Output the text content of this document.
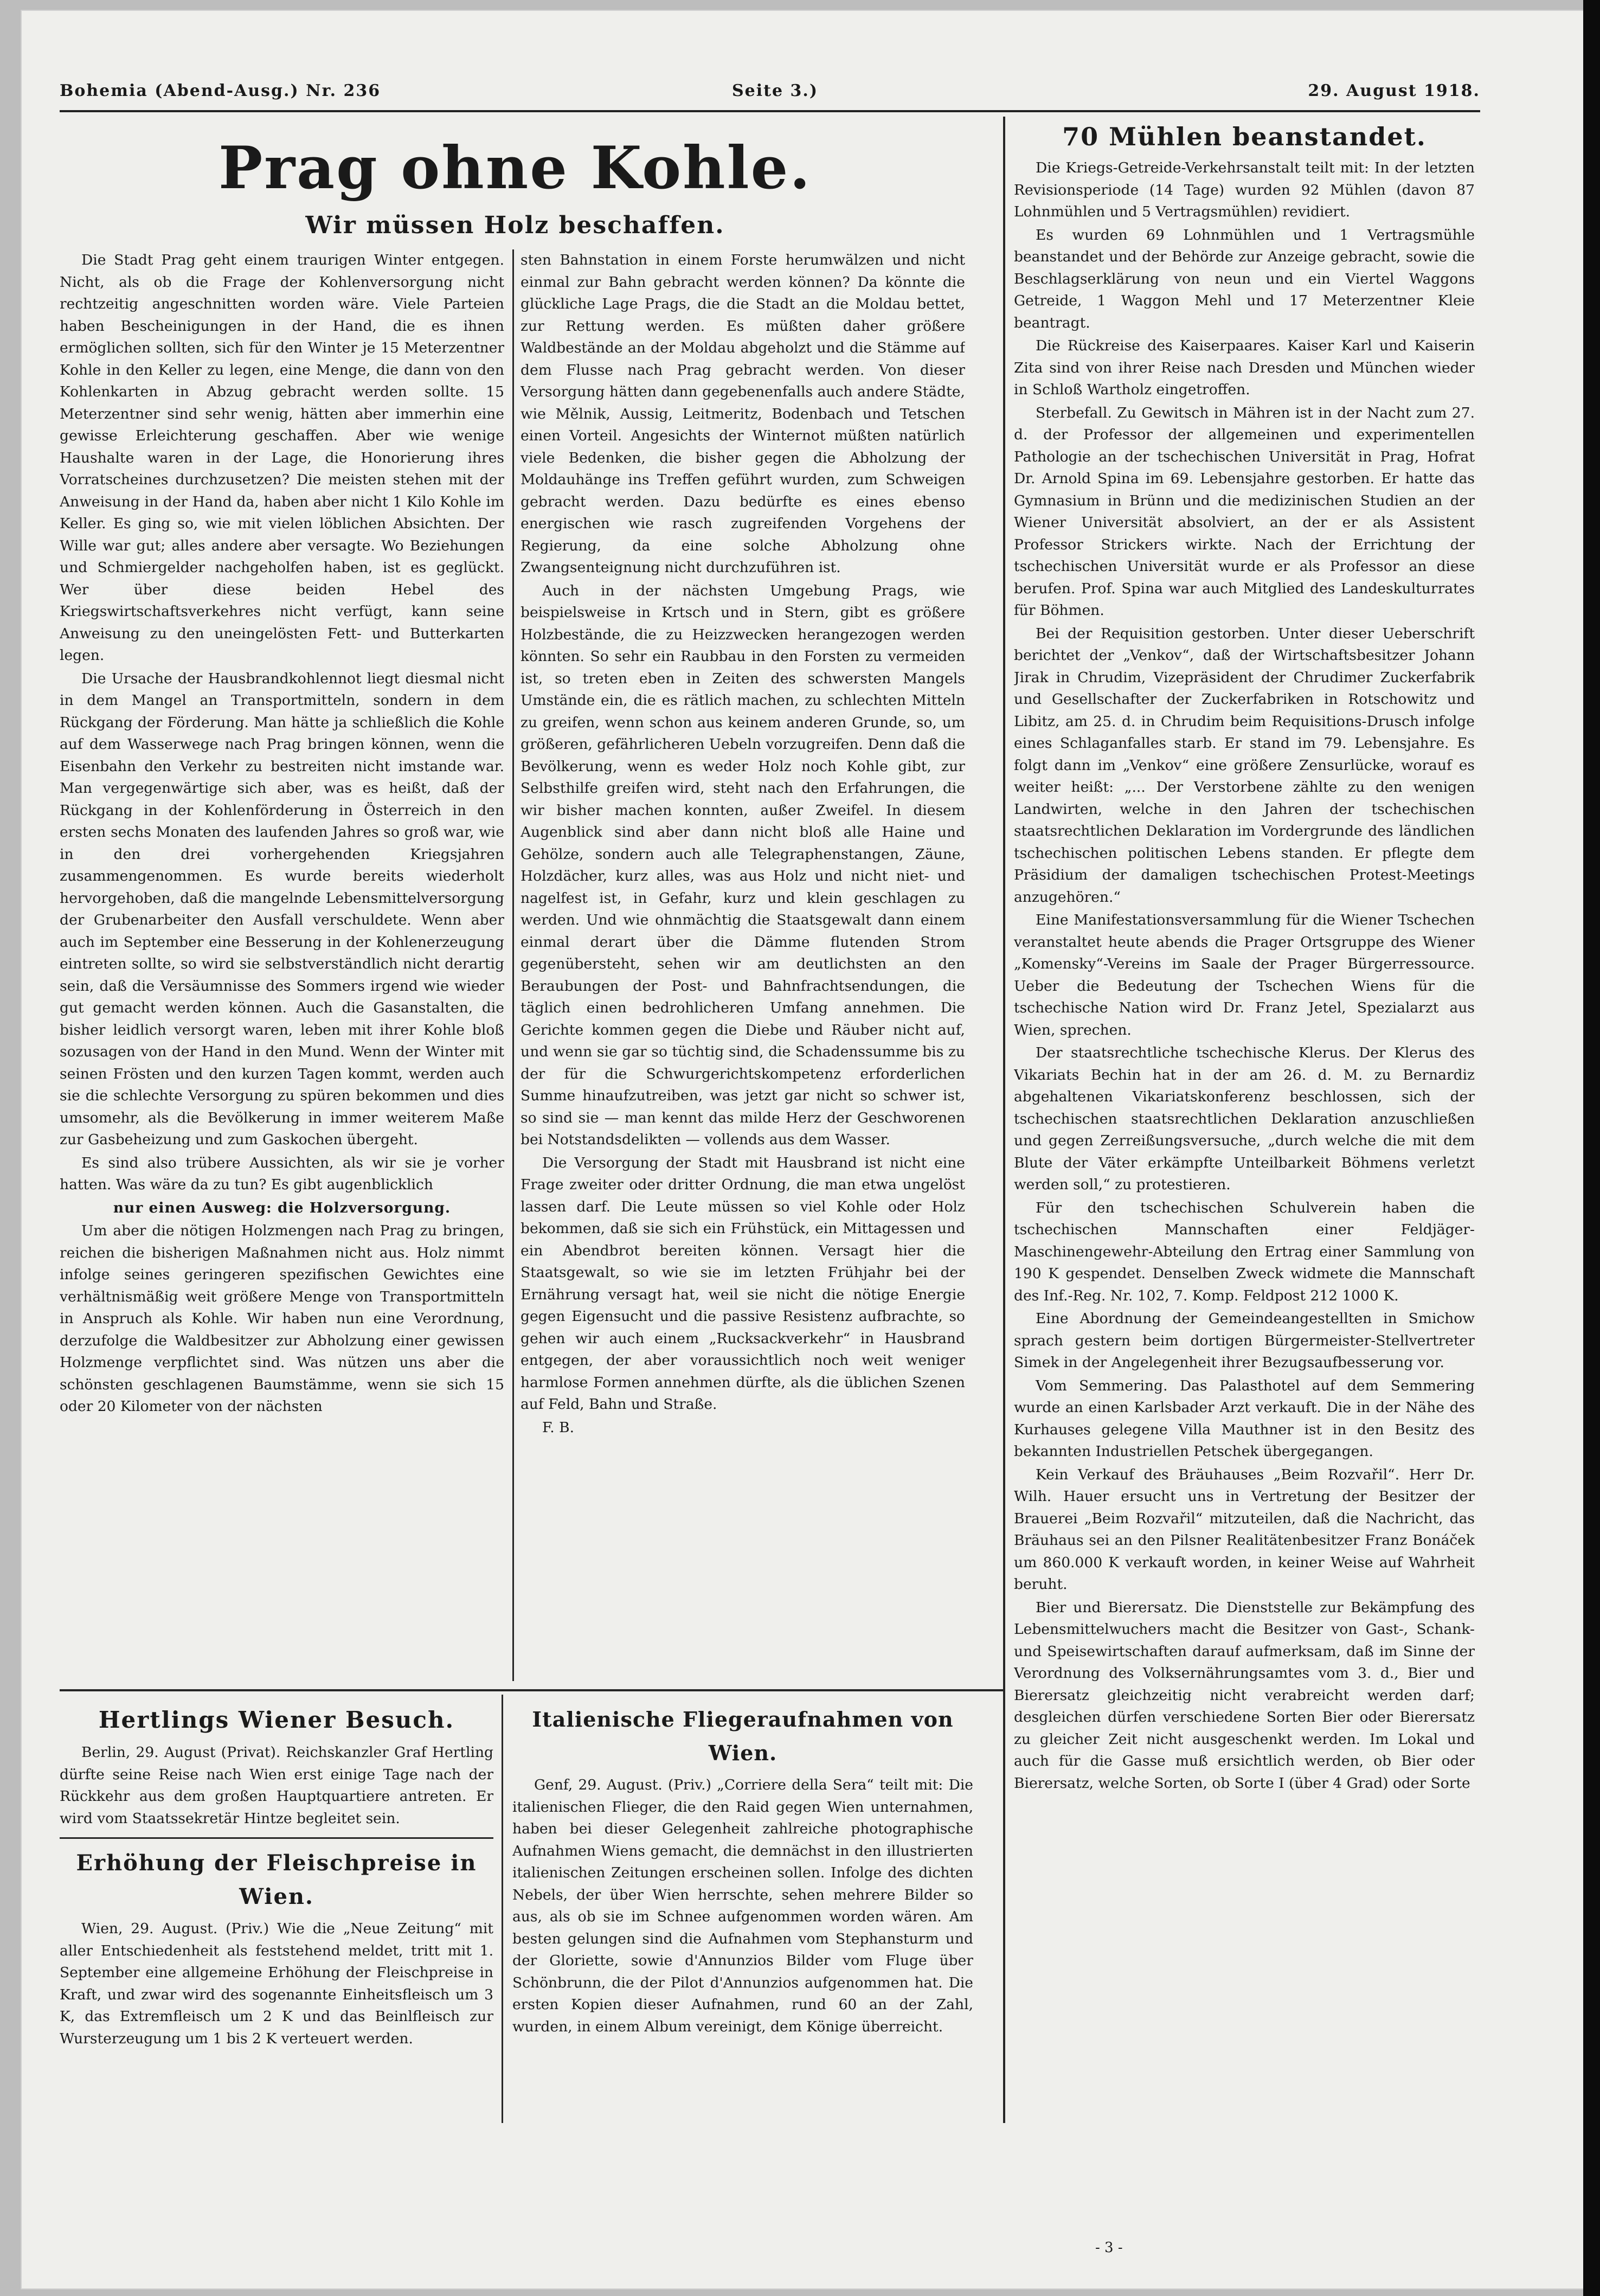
Bohemia (Abend-Ausg.) Nr. 236	Seite 3.)	29. August 1918.
Prag ohne Kohle.
Wir müssen Holz beschaffen.

Die Stadt Prag geht einem traurigen Winter entgegen. Nicht, als ob die Frage der Kohlenversorgung nicht rechtzeitig angeschnitten worden wäre. Viele Parteien haben Bescheinigungen in der Hand, die es ihnen ermöglichen sollten, sich für den Winter je 15 Meterzentner Kohle in den Keller zu legen, eine Menge, die dann von den Kohlenkarten in Abzug gebracht werden sollte. 15 Meterzentner sind sehr wenig, hätten aber immerhin eine gewisse Erleichterung geschaffen. Aber wie wenige Haushalte waren in der Lage, die Honorierung ihres Vorratscheines durchzusetzen? Die meisten stehen mit der Anweisung in der Hand da, haben aber nicht 1 Kilo Kohle im Keller. Es ging so, wie mit vielen löblichen Absichten. Der Wille war gut; alles andere aber versagte. Wo Beziehungen und Schmiergelder nachgeholfen haben, ist es geglückt. Wer über diese beiden Hebel des Kriegswirtschaftsverkehres nicht verfügt, kann seine Anweisung zu den uneingelösten Fett- und Butterkarten legen.

Die Ursache der Hausbrandkohlennot liegt diesmal nicht in dem Mangel an Transportmitteln, sondern in dem Rückgang der Förderung. Man hätte ja schließlich die Kohle auf dem Wasserwege nach Prag bringen können, wenn die Eisenbahn den Verkehr zu bestreiten nicht imstande war. Man vergegenwärtige sich aber, was es heißt, daß der Rückgang in der Kohlenförderung in Österreich in den ersten sechs Monaten des laufenden Jahres so groß war, wie in den drei vorhergehenden Kriegsjahren zusammengenommen. Es wurde bereits wiederholt hervorgehoben, daß die mangelnde Lebensmittelversorgung der Grubenarbeiter den Ausfall verschuldete. Wenn aber auch im September eine Besserung in der Kohlenerzeugung eintreten sollte, so wird sie selbstverständlich nicht derartig sein, daß die Versäumnisse des Sommers irgend wie wieder gut gemacht werden können. Auch die Gasanstalten, die bisher leidlich versorgt waren, leben mit ihrer Kohle bloß sozusagen von der Hand in den Mund. Wenn der Winter mit seinen Frösten und den kurzen Tagen kommt, werden auch sie die schlechte Versorgung zu spüren bekommen und dies umsomehr, als die Bevölkerung in immer weiterem Maße zur Gasbeheizung und zum Gaskochen übergeht.

Es sind also trübere Aussichten, als wir sie je vorher hatten. Was wäre da zu tun? Es gibt augenblicklich

nur einen Ausweg: die Holzversorgung.

Um aber die nötigen Holzmengen nach Prag zu bringen, reichen die bisherigen Maßnahmen nicht aus. Holz nimmt infolge seines geringeren spezifischen Gewichtes eine verhältnismäßig weit größere Menge von Transportmitteln in Anspruch als Kohle. Wir haben nun eine Verordnung, derzufolge die Waldbesitzer zur Abholzung einer gewissen Holzmenge verpflichtet sind. Was nützen uns aber die schönsten geschlagenen Baumstämme, wenn sie sich 15 oder 20 Kilometer von der nächsten

sten Bahnstation in einem Forste herumwälzen und nicht einmal zur Bahn gebracht werden können? Da könnte die glückliche Lage Prags, die die Stadt an die Moldau bettet, zur Rettung werden. Es müßten daher größere Waldbestände an der Moldau abgeholzt und die Stämme auf dem Flusse nach Prag gebracht werden. Von dieser Versorgung hätten dann gegebenenfalls auch andere Städte, wie Mělnik, Aussig, Leitmeritz, Bodenbach und Tetschen einen Vorteil. Angesichts der Winternot müßten natürlich viele Bedenken, die bisher gegen die Abholzung der Moldauhänge ins Treffen geführt wurden, zum Schweigen gebracht werden. Dazu bedürfte es eines ebenso energischen wie rasch zugreifenden Vorgehens der Regierung, da eine solche Abholzung ohne Zwangsenteignung nicht durchzuführen ist.

Auch in der nächsten Umgebung Prags, wie beispielsweise in Krtsch und in Stern, gibt es größere Holzbestände, die zu Heizzwecken herangezogen werden könnten. So sehr ein Raubbau in den Forsten zu vermeiden ist, so treten eben in Zeiten des schwersten Mangels Umstände ein, die es rätlich machen, zu schlechten Mitteln zu greifen, wenn schon aus keinem anderen Grunde, so, um größeren, gefährlicheren Uebeln vorzugreifen. Denn daß die Bevölkerung, wenn es weder Holz noch Kohle gibt, zur Selbsthilfe greifen wird, steht nach den Erfahrungen, die wir bisher machen konnten, außer Zweifel. In diesem Augenblick sind aber dann nicht bloß alle Haine und Gehölze, sondern auch alle Telegraphenstangen, Zäune, Holzdächer, kurz alles, was aus Holz und nicht niet- und nagelfest ist, in Gefahr, kurz und klein geschlagen zu werden. Und wie ohnmächtig die Staatsgewalt dann einem einmal derart über die Dämme flutenden Strom gegenübersteht, sehen wir am deutlichsten an den Beraubungen der Post- und Bahnfrachtsendungen, die täglich einen bedrohlicheren Umfang annehmen. Die Gerichte kommen gegen die Diebe und Räuber nicht auf, und wenn sie gar so tüchtig sind, die Schadenssumme bis zu der für die Schwurgerichtskompetenz erforderlichen Summe hinaufzutreiben, was jetzt gar nicht so schwer ist, so sind sie — man kennt das milde Herz der Geschworenen bei Notstandsdelikten — vollends aus dem Wasser.

Die Versorgung der Stadt mit Hausbrand ist nicht eine Frage zweiter oder dritter Ordnung, die man etwa ungelöst lassen darf. Die Leute müssen so viel Kohle oder Holz bekommen, daß sie sich ein Frühstück, ein Mittagessen und ein Abendbrot bereiten können. Versagt hier die Staatsgewalt, so wie sie im letzten Frühjahr bei der Ernährung versagt hat, weil sie nicht die nötige Energie gegen Eigensucht und die passive Resistenz aufbrachte, so gehen wir auch einem „Rucksackverkehr“ in Hausbrand entgegen, der aber voraussichtlich noch weit weniger harmlose Formen annehmen dürfte, als die üblichen Szenen auf Feld, Bahn und Straße.

F. B.

70 Mühlen beanstandet.

Die Kriegs-Getreide-Verkehrsanstalt teilt mit: In der letzten Revisionsperiode (14 Tage) wurden 92 Mühlen (davon 87 Lohnmühlen und 5 Vertragsmühlen) revidiert.

Es wurden 69 Lohnmühlen und 1 Vertragsmühle beanstandet und der Behörde zur Anzeige gebracht, sowie die Beschlagserklärung von neun und ein Viertel Waggons Getreide, 1 Waggon Mehl und 17 Meterzentner Kleie beantragt.

Die Rückreise des Kaiserpaares. Kaiser Karl und Kaiserin Zita sind von ihrer Reise nach Dresden und München wieder in Schloß Wartholz eingetroffen.

Sterbefall. Zu Gewitsch in Mähren ist in der Nacht zum 27. d. der Professor der allgemeinen und experimentellen Pathologie an der tschechischen Universität in Prag, Hofrat Dr. Arnold Spina im 69. Lebensjahre gestorben. Er hatte das Gymnasium in Brünn und die medizinischen Studien an der Wiener Universität absolviert, an der er als Assistent Professor Strickers wirkte. Nach der Errichtung der tschechischen Universität wurde er als Professor an diese berufen. Prof. Spina war auch Mitglied des Landeskulturrates für Böhmen.

Bei der Requisition gestorben. Unter dieser Ueberschrift berichtet der „Venkov“, daß der Wirtschaftsbesitzer Johann Jirak in Chrudim, Vizepräsident der Chrudimer Zuckerfabrik und Gesellschafter der Zuckerfabriken in Rotschowitz und Libitz, am 25. d. in Chrudim beim Requisitions-Drusch infolge eines Schlaganfalles starb. Er stand im 79. Lebensjahre. Es folgt dann im „Venkov“ eine größere Zensurlücke, worauf es weiter heißt: „... Der Verstorbene zählte zu den wenigen Landwirten, welche in den Jahren der tschechischen staatsrechtlichen Deklaration im Vordergrunde des ländlichen tschechischen politischen Lebens standen. Er pflegte dem Präsidium der damaligen tschechischen Protest-Meetings anzugehören.“

Eine Manifestationsversammlung für die Wiener Tschechen veranstaltet heute abends die Prager Ortsgruppe des Wiener „Komensky“-Vereins im Saale der Prager Bürgerressource. Ueber die Bedeutung der Tschechen Wiens für die tschechische Nation wird Dr. Franz Jetel, Spezialarzt aus Wien, sprechen.

Der staatsrechtliche tschechische Klerus. Der Klerus des Vikariats Bechin hat in der am 26. d. M. zu Bernardiz abgehaltenen Vikariatskonferenz beschlossen, sich der tschechischen staatsrechtlichen Deklaration anzuschließen und gegen Zerreißungsversuche, „durch welche die mit dem Blute der Väter erkämpfte Unteilbarkeit Böhmens verletzt werden soll,“ zu protestieren.

Für den tschechischen Schulverein haben die tschechischen Mannschaften einer Feldjäger-Maschinengewehr-Abteilung den Ertrag einer Sammlung von 190 K gespendet. Denselben Zweck widmete die Mannschaft des Inf.-Reg. Nr. 102, 7. Komp. Feldpost 212 1000 K.

Eine Abordnung der Gemeindeangestellten in Smichow sprach gestern beim dortigen Bürgermeister-Stellvertreter Simek in der Angelegenheit ihrer Bezugsaufbesserung vor.

Vom Semmering. Das Palasthotel auf dem Semmering wurde an einen Karlsbader Arzt verkauft. Die in der Nähe des Kurhauses gelegene Villa Mauthner ist in den Besitz des bekannten Industriellen Petschek übergegangen.

Kein Verkauf des Bräuhauses „Beim Rozvařil“. Herr Dr. Wilh. Hauer ersucht uns in Vertretung der Besitzer der Brauerei „Beim Rozvařil“ mitzuteilen, daß die Nachricht, das Bräuhaus sei an den Pilsner Realitätenbesitzer Franz Bonáček um 860.000 K verkauft worden, in keiner Weise auf Wahrheit beruht.

Bier und Bierersatz. Die Dienststelle zur Bekämpfung des Lebensmittelwuchers macht die Besitzer von Gast-, Schank- und Speisewirtschaften darauf aufmerksam, daß im Sinne der Verordnung des Volksernährungsamtes vom 3. d., Bier und Bierersatz gleichzeitig nicht verabreicht werden darf; desgleichen dürfen verschiedene Sorten Bier oder Bierersatz zu gleicher Zeit nicht ausgeschenkt werden. Im Lokal und auch für die Gasse muß ersichtlich werden, ob Bier oder Bierersatz, welche Sorten, ob Sorte I (über 4 Grad) oder Sorte

Hertlings Wiener Besuch.

Berlin, 29. August (Privat). Reichskanzler Graf Hertling dürfte seine Reise nach Wien erst einige Tage nach der Rückkehr aus dem großen Hauptquartiere antreten. Er wird vom Staatssekretär Hintze begleitet sein.

Erhöhung der Fleischpreise in Wien.

Wien, 29. August. (Priv.) Wie die „Neue Zeitung“ mit aller Entschiedenheit als feststehend meldet, tritt mit 1. September eine allgemeine Erhöhung der Fleischpreise in Kraft, und zwar wird des sogenannte Einheitsfleisch um 3 K, das Extremfleisch um 2 K und das Beinlfleisch zur Wursterzeugung um 1 bis 2 K verteuert werden.

Italienische Fliegeraufnahmen von Wien.

Genf, 29. August. (Priv.) „Corriere della Sera“ teilt mit: Die italienischen Flieger, die den Raid gegen Wien unternahmen, haben bei dieser Gelegenheit zahlreiche photographische Aufnahmen Wiens gemacht, die demnächst in den illustrierten italienischen Zeitungen erscheinen sollen. Infolge des dichten Nebels, der über Wien herrschte, sehen mehrere Bilder so aus, als ob sie im Schnee aufgenommen worden wären. Am besten gelungen sind die Aufnahmen vom Stephansturm und der Gloriette, sowie d'Annunzios Bilder vom Fluge über Schönbrunn, die der Pilot d'Annunzios aufgenommen hat. Die ersten Kopien dieser Aufnahmen, rund 60 an der Zahl, wurden, in einem Album vereinigt, dem Könige überreicht.

- 3 -
